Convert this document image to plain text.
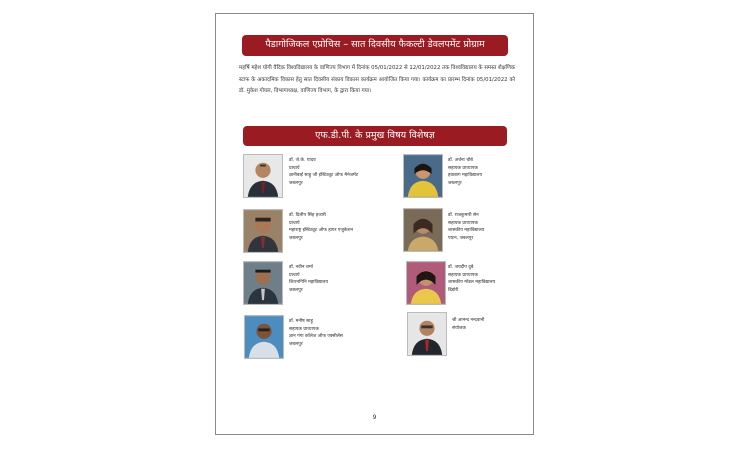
पैडागोजिकल एप्रोचिस – सात दिवसीय फैकल्टी डेवलपमेंट प्रोग्राम
महर्षि महेश योगी वैदिक विश्वविद्यालय के वाणिज्य विभाग में दिनांक 05/01/2022 से 12/01/2022 तक विश्वविद्यालय के समस्त शैक्षणिक स्टाफ के अकादमिक विकास हेतु सात दिवसीय संकाय विकास कार्यक्रम आयोजित किया गया। कार्यक्रम का प्रारम्भ दिनांक 05/01/2022 को डॉ. मुकेश गोयल, विभागाध्यक्ष, वाणिज्य विभाग, के द्वारा किया गया।
एफ.डी.पी. के प्रमुख विषय विशेषज्ञ
डॉ. जे.के. यादव
प्राचार्य
ज्ञानीबाई साहू जी इंस्टिट्यूट ऑफ मैनेजमेंट
जबलपुर
डॉ. अर्चना चौबे
सहायक प्राध्यापक
हवाबाग महाविद्यालय
जबलपुर
डॉ. दिलीप सिंह हजारी
प्राचार्य
महाराष्ट्र इंस्टिट्यूट ऑफ हायर एजुकेशन
जबलपुर
डॉ. राजकुमारी सेन
सहायक प्राध्यापक
शासकीय महाविद्यालय
पाटन, जबलपुर
डॉ. नवीन शर्मा
प्राचार्य
शिवभगिनि महाविद्यालय
जबलपुर
डॉ. जयदीप दुबे
सहायक प्राध्यापक
शासकीय मॉडल महाविद्यालय
डिंडोरी
डॉ. मनीष साहू
सहायक प्राध्यापक
ज्ञान गंगा कॉलेज ऑफ एक्सीलेंस
जबलपुर
श्री आनन्द नन्दवानी
संयोजक
9
